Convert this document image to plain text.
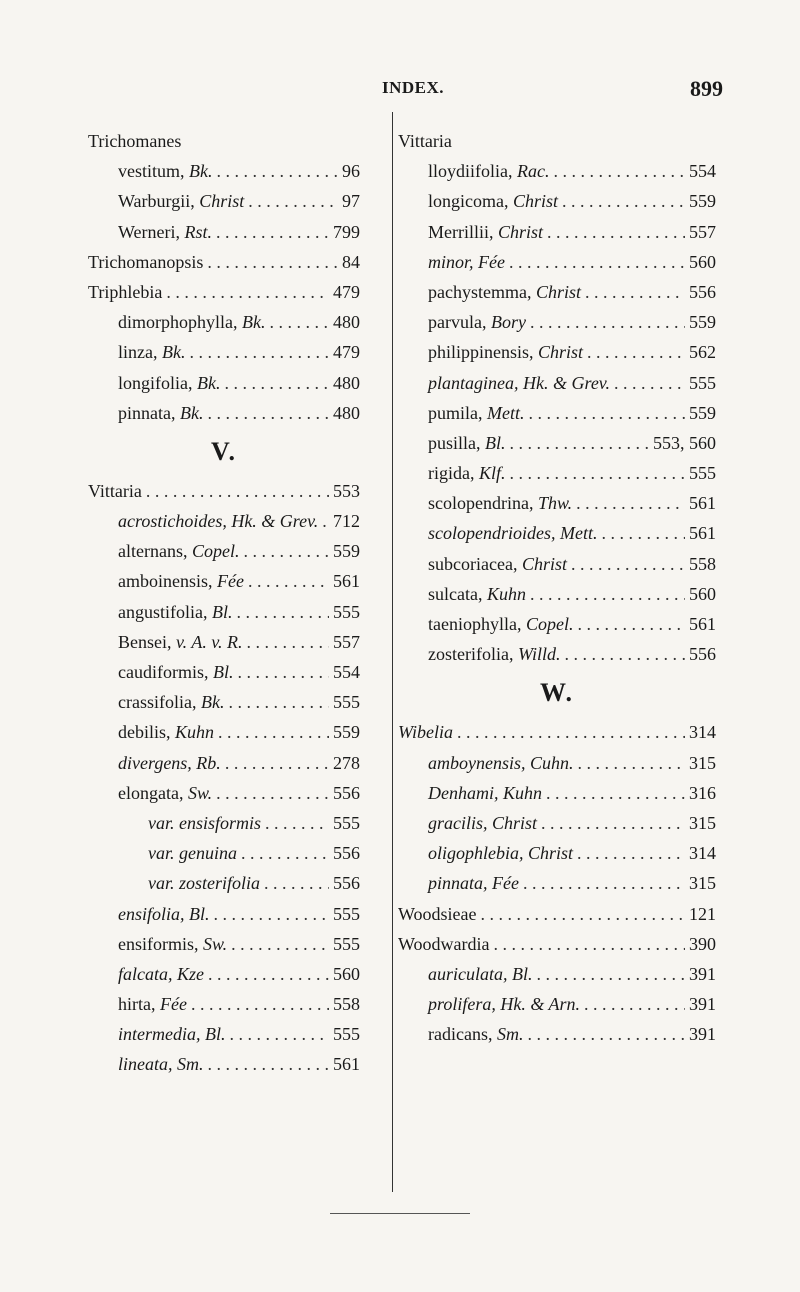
INDEX.	899
Trichomanes
vestitum, Bk. . . .	96
Warburgii, Christ . . .	97
Werneri, Rst. . . .	799
Trichomanopsis . . .	84
Triphlebia . . .	479
dimorphophylla, Bk. . . .	480
linza, Bk. . . .	479
longifolia, Bk. . . .	480
pinnata, Bk. . . .	480
V.
Vittaria . . .	553
acrostichoides, Hk. & Grev. . . . 712
alternans, Copel. . . .	559
amboinensis, Fée . . .	561
angustifolia, Bl. . . .	555
Bensei, v. A. v. R. . . .	557
caudiformis, Bl. . . .	554
crassifolia, Bk. . . .	555
debilis, Kuhn . . .	559
divergens, Rb. . . .	278
elongata, Sw. . . .	556
var. ensisformis . . .	555
var. genuina . . .	556
var. zosterifolia . . .	556
ensifolia, Bl. . . .	555
ensiformis, Sw. . . .	555
falcata, Kze . . .	560
hirta, Fée . . .	558
intermedia, Bl. . . .	555
lineata, Sm. . . .	561
Vittaria
lloydiifolia, Rac. . . .	554
longicoma, Christ . . .	559
Merrillii, Christ . . .	557
minor, Fée . . .	560
pachystemma, Christ . . .	556
parvula, Bory . . .	559
philippinensis, Christ . . .	562
plantaginea, Hk. & Grev. . . .	555
pumila, Mett. . . .	559
pusilla, Bl. . . .	553, 560
rigida, Klf. . . .	555
scolopendrina, Thw. . . .	561
scolopendrioides, Mett. . . .	561
subcoriacea, Christ . . .	558
sulcata, Kuhn . . .	560
taeniophylla, Copel. . . .	561
zosterifolia, Willd. . . .	556
W.
Wibelia . . .	314
amboynensis, Cuhn. . . .	315
Denhami, Kuhn . . .	316
gracilis, Christ . . .	315
oligophlebia, Christ . . .	314
pinnata, Fée . . .	315
Woodsieae . . .	121
Woodwardia . . .	390
auriculata, Bl. . . .	391
prolifera, Hk. & Arn. . . .	391
radicans, Sm. . . .	391
